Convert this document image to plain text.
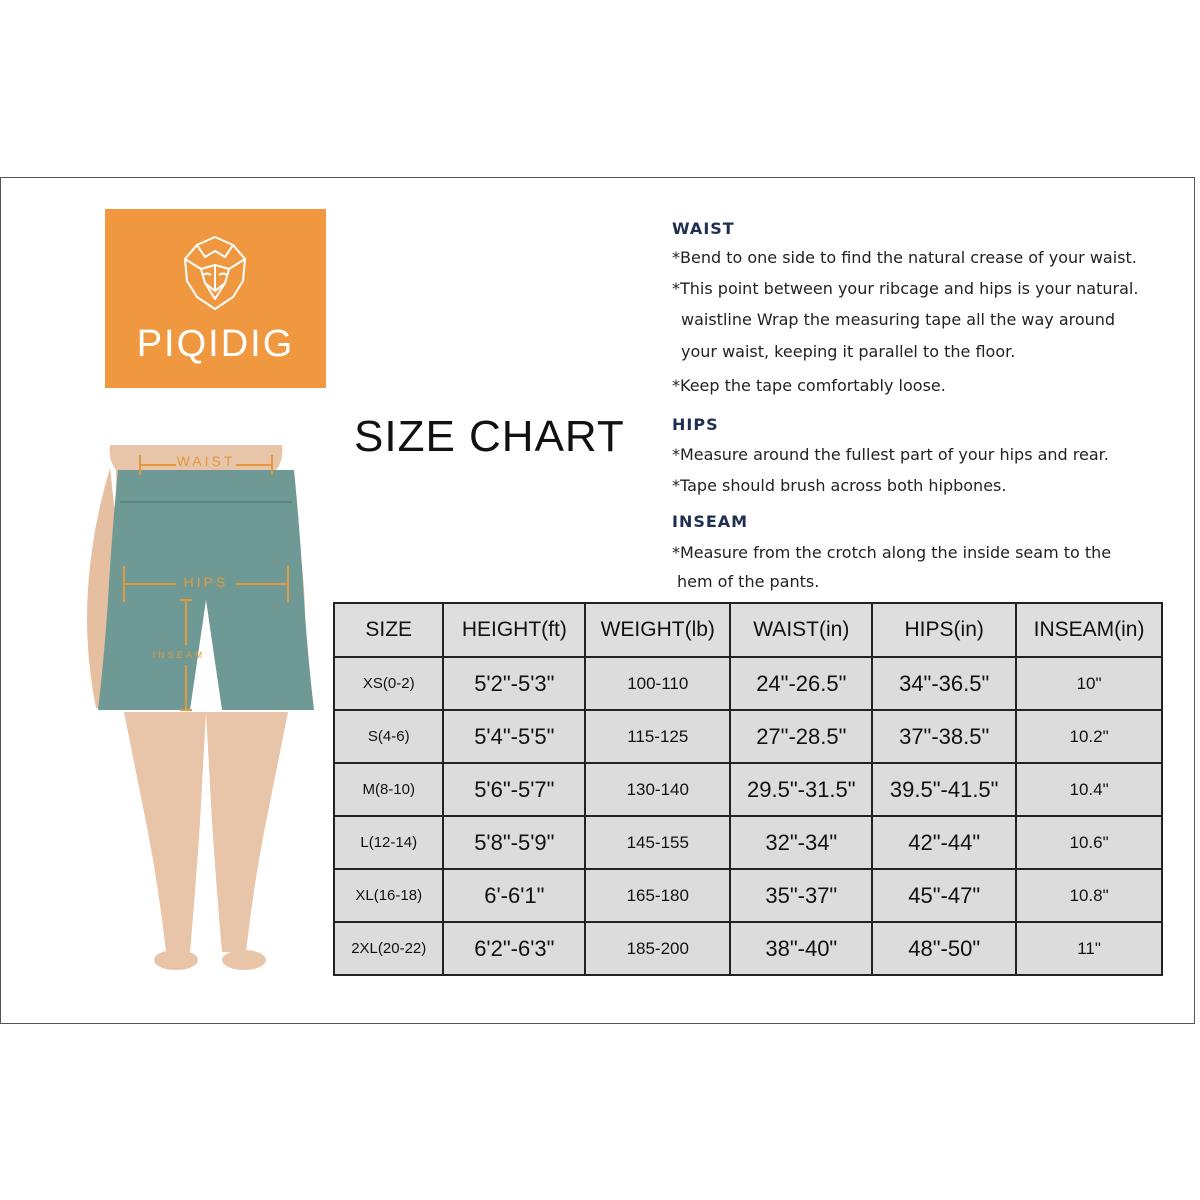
PIQIDIG
SIZE CHART
WAIST
*Bend to one side to find the natural crease of your waist.
*This point between your ribcage and hips is your natural.
waistline Wrap the measuring tape all the way around
your waist, keeping it parallel to the floor.
*Keep the tape comfortably loose.
HIPS
*Measure around the fullest part of your hips and rear.
*Tape should brush across both hipbones.
INSEAM
*Measure from the crotch along the inside seam to the
hem of the pants.
WAIST
HIPS
INSEAM
SIZE	HEIGHT(ft)	WEIGHT(lb)	WAIST(in)	HIPS(in)	INSEAM(in)
XS(0-2)	5'2"-5'3"	100-110	24"-26.5"	34"-36.5"	10"
S(4-6)	5'4"-5'5"	115-125	27"-28.5"	37"-38.5"	10.2"
M(8-10)	5'6"-5'7"	130-140	29.5"-31.5"	39.5"-41.5"	10.4"
L(12-14)	5'8"-5'9"	145-155	32"-34"	42"-44"	10.6"
XL(16-18)	6'-6'1"	165-180	35"-37"	45"-47"	10.8"
2XL(20-22)	6'2"-6'3"	185-200	38"-40"	48"-50"	11"
